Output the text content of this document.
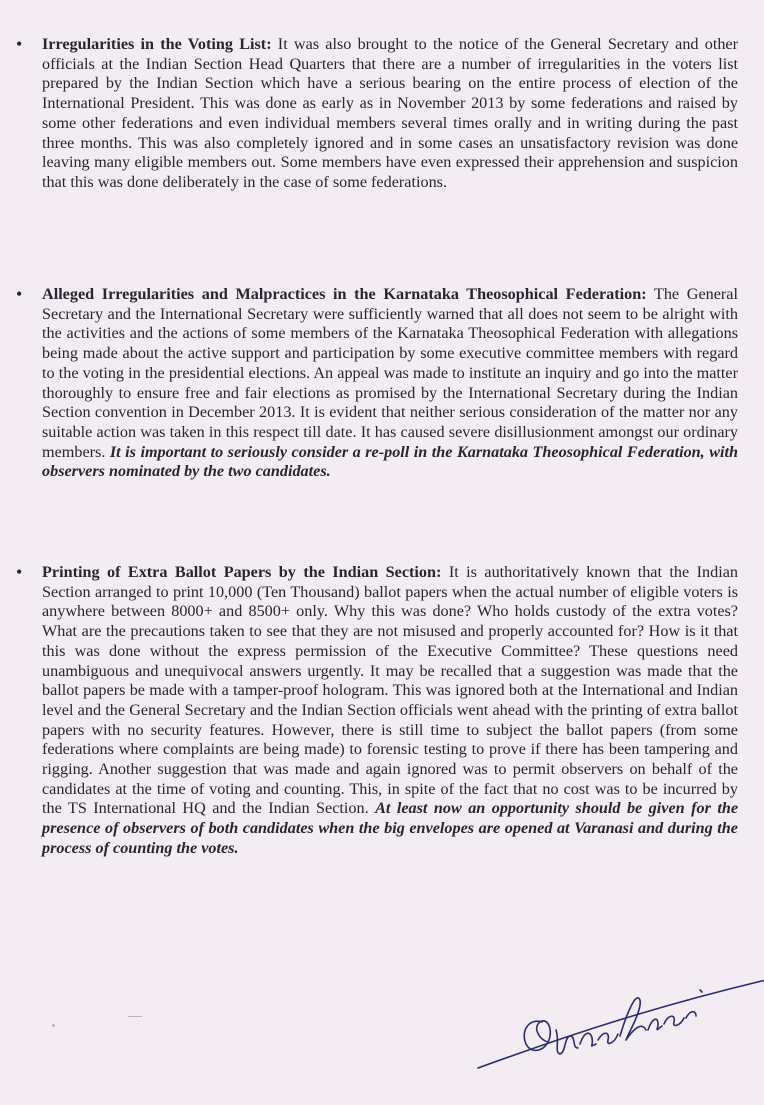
• Irregularities in the Voting List: It was also brought to the notice of the General Secretary and other officials at the Indian Section Head Quarters that there are a number of irregularities in the voters list prepared by the Indian Section which have a serious bearing on the entire process of election of the International President. This was done as early as in November 2013 by some federations and raised by some other federations and even individual members several times orally and in writing during the past three months. This was also completely ignored and in some cases an unsatisfactory revision was done leaving many eligible members out. Some members have even expressed their apprehension and suspicion that this was done deliberately in the case of some federations.

• Alleged Irregularities and Malpractices in the Karnataka Theosophical Federation: The General Secretary and the International Secretary were sufficiently warned that all does not seem to be alright with the activities and the actions of some members of the Karnataka Theosophical Federation with allegations being made about the active support and participation by some executive committee members with regard to the voting in the presidential elections. An appeal was made to institute an inquiry and go into the matter thoroughly to ensure free and fair elections as promised by the International Secretary during the Indian Section convention in December 2013. It is evident that neither serious consideration of the matter nor any suitable action was taken in this respect till date. It has caused severe disillusionment amongst our ordinary members. It is important to seriously consider a re-poll in the Karnataka Theosophical Federation, with observers nominated by the two candidates.

• Printing of Extra Ballot Papers by the Indian Section: It is authoritatively known that the Indian Section arranged to print 10,000 (Ten Thousand) ballot papers when the actual number of eligible voters is anywhere between 8000+ and 8500+ only. Why this was done? Who holds custody of the extra votes? What are the precautions taken to see that they are not misused and properly accounted for? How is it that this was done without the express permission of the Executive Committee? These questions need unambiguous and unequivocal answers urgently. It may be recalled that a suggestion was made that the ballot papers be made with a tamper-proof hologram. This was ignored both at the International and Indian level and the General Secretary and the Indian Section officials went ahead with the printing of extra ballot papers with no security features. However, there is still time to subject the ballot papers (from some federations where complaints are being made) to forensic testing to prove if there has been tampering and rigging. Another suggestion that was made and again ignored was to permit observers on behalf of the candidates at the time of voting and counting. This, in spite of the fact that no cost was to be incurred by the TS International HQ and the Indian Section. At least now an opportunity should be given for the presence of observers of both candidates when the big envelopes are opened at Varanasi and during the process of counting the votes.
